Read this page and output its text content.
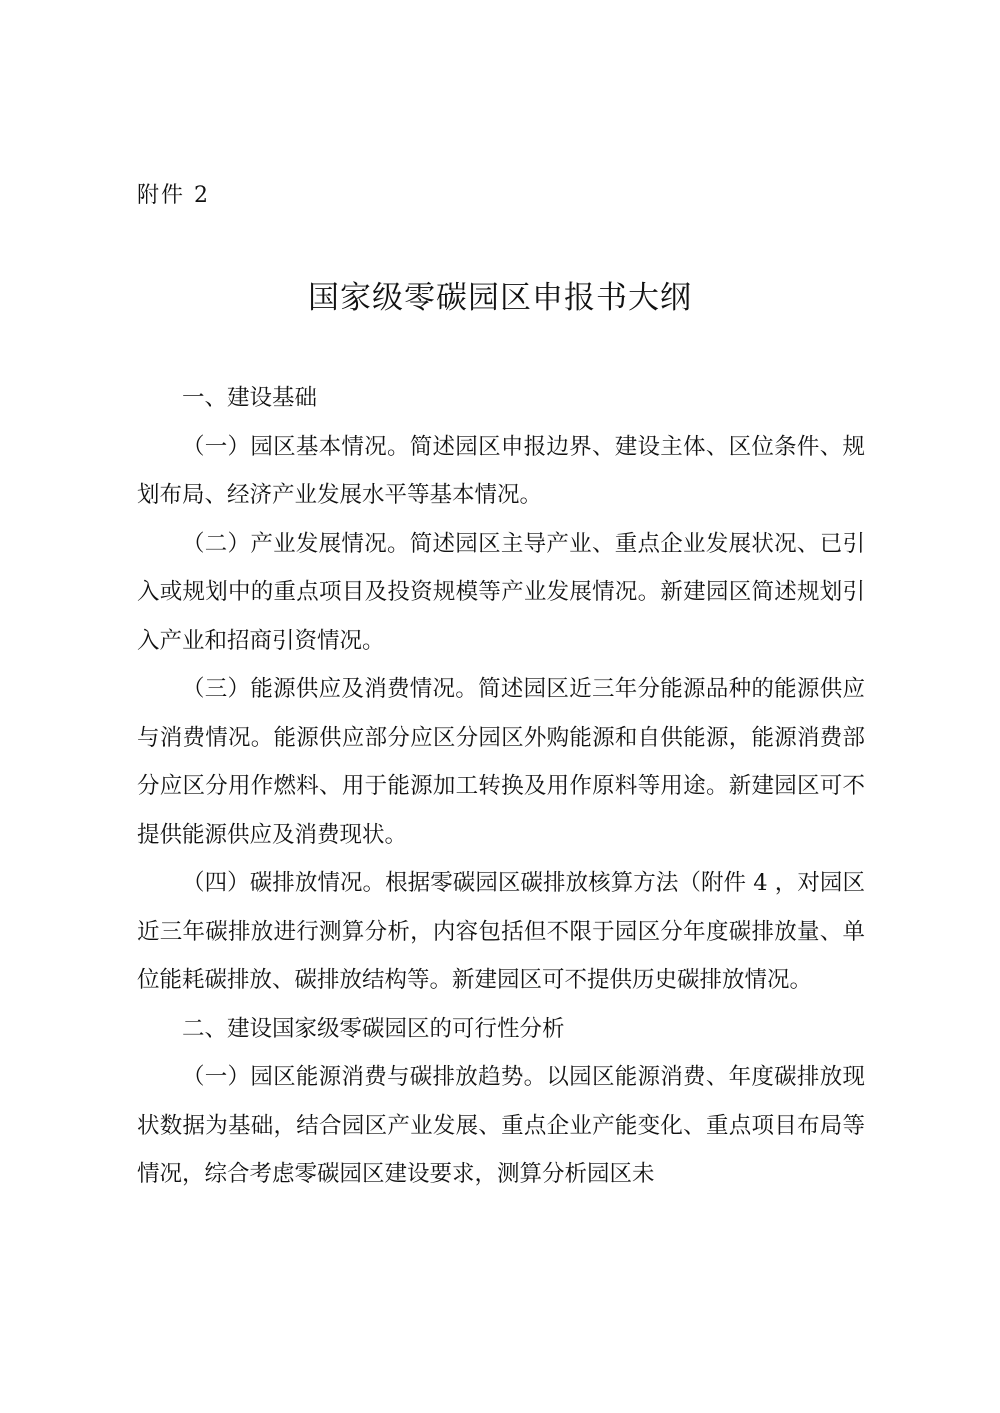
附件 2
国家级零碳园区申报书大纲

一、建设基础

（一）园区基本情况。简述园区申报边界、建设主体、区位条件、规划布局、经济产业发展水平等基本情况。

（二）产业发展情况。简述园区主导产业、重点企业发展状况、已引入或规划中的重点项目及投资规模等产业发展情况。新建园区简述规划引入产业和招商引资情况。

（三）能源供应及消费情况。简述园区近三年分能源品种的能源供应与消费情况。能源供应部分应区分园区外购能源和自供能源，能源消费部分应区分用作燃料、用于能源加工转换及用作原料等用途。新建园区可不提供能源供应及消费现状。

（四）碳排放情况。根据零碳园区碳排放核算方法（附件 4 ，对园区近三年碳排放进行测算分析，内容包括但不限于园区分年度碳排放量、单位能耗碳排放、碳排放结构等。新建园区可不提供历史碳排放情况。

二、建设国家级零碳园区的可行性分析

（一）园区能源消费与碳排放趋势。以园区能源消费、年度碳排放现状数据为基础，结合园区产业发展、重点企业产能变化、重点项目布局等情况，综合考虑零碳园区建设要求，测算分析园区未
